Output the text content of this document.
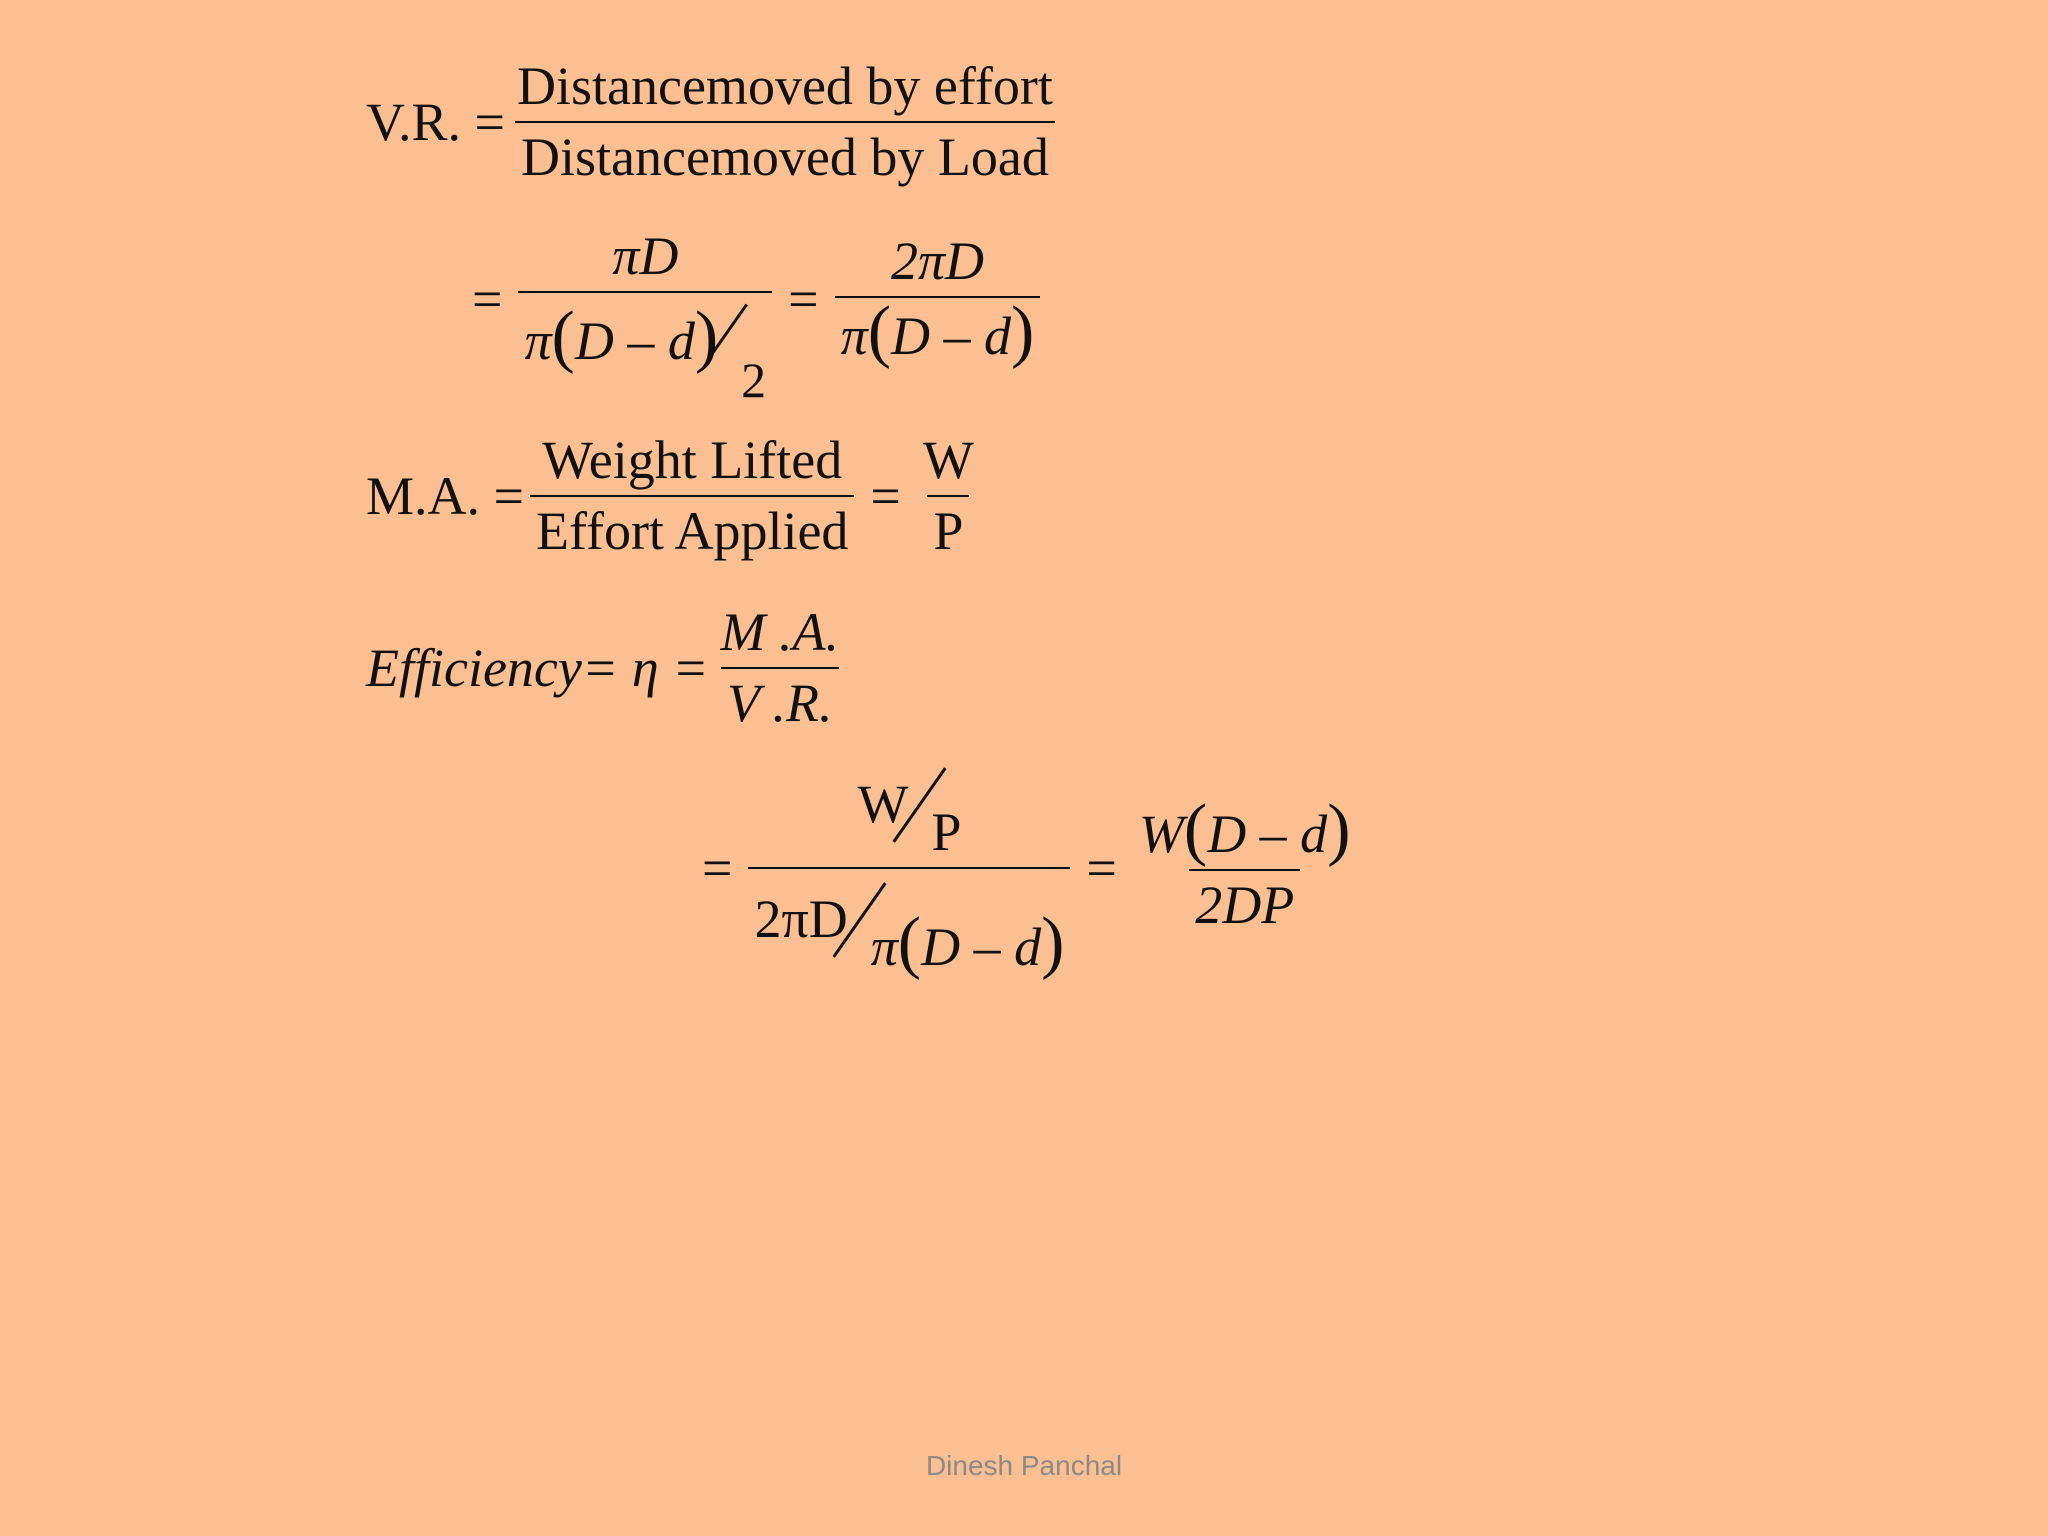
V.R. = $\frac{\text{Distancemoved by effort}}{\text{Distancemoved by Load}}$
= $\frac{\pi D}{\pi(D - d)2} = \frac{2\pi D}{\pi(D - d)}$
M.A. = $\frac{\text{Weight Lifted}}{\text{Effort Applied}} = \frac{W}{P}$
Efficiency = $\eta = \frac{M .A.}{V .R.}$
= $\frac{\text{W P}}{\text{2πD π(D – d)}} = \frac{W(D - d)}{2DP}$
Dinesh Panchal
